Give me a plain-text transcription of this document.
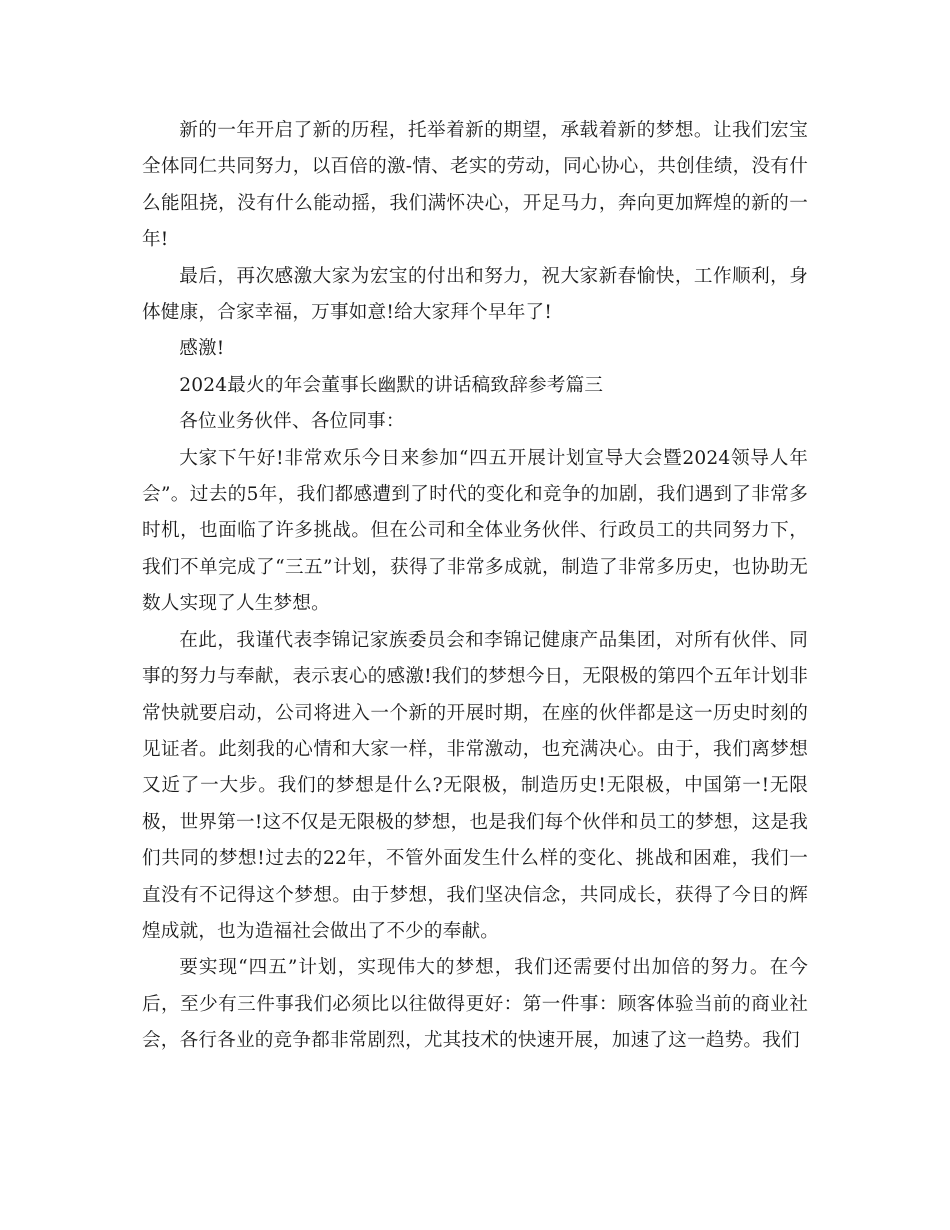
新的一年开启了新的历程，托举着新的期望，承载着新的梦想。让我们宏宝全体同仁共同努力，以百倍的激-情、老实的劳动，同心协心，共创佳绩，没有什么能阻挠，没有什么能动摇，我们满怀决心，开足马力，奔向更加辉煌的新的一年!

最后，再次感激大家为宏宝的付出和努力，祝大家新春愉快，工作顺利，身体健康，合家幸福，万事如意!给大家拜个早年了!

感激!

2024最火的年会董事长幽默的讲话稿致辞参考篇三

各位业务伙伴、各位同事：

大家下午好!非常欢乐今日来参加“四五开展计划宣导大会暨2024领导人年会”。过去的5年，我们都感遭到了时代的变化和竞争的加剧，我们遇到了非常多时机，也面临了许多挑战。但在公司和全体业务伙伴、行政员工的共同努力下，我们不单完成了“三五”计划，获得了非常多成就，制造了非常多历史，也协助无数人实现了人生梦想。

在此，我谨代表李锦记家族委员会和李锦记健康产品集团，对所有伙伴、同事的努力与奉献，表示衷心的感激!我们的梦想今日，无限极的第四个五年计划非常快就要启动，公司将进入一个新的开展时期，在座的伙伴都是这一历史时刻的见证者。此刻我的心情和大家一样，非常激动，也充满决心。由于，我们离梦想又近了一大步。我们的梦想是什么?无限极，制造历史!无限极，中国第一!无限极，世界第一!这不仅是无限极的梦想，也是我们每个伙伴和员工的梦想，这是我们共同的梦想!过去的22年，不管外面发生什么样的变化、挑战和困难，我们一直没有不记得这个梦想。由于梦想，我们坚决信念，共同成长，获得了今日的辉煌成就，也为造福社会做出了不少的奉献。

要实现“四五”计划，实现伟大的梦想，我们还需要付出加倍的努力。在今后，至少有三件事我们必须比以往做得更好：第一件事：顾客体验当前的商业社会，各行各业的竞争都非常剧烈，尤其技术的快速开展，加速了这一趋势。我们
